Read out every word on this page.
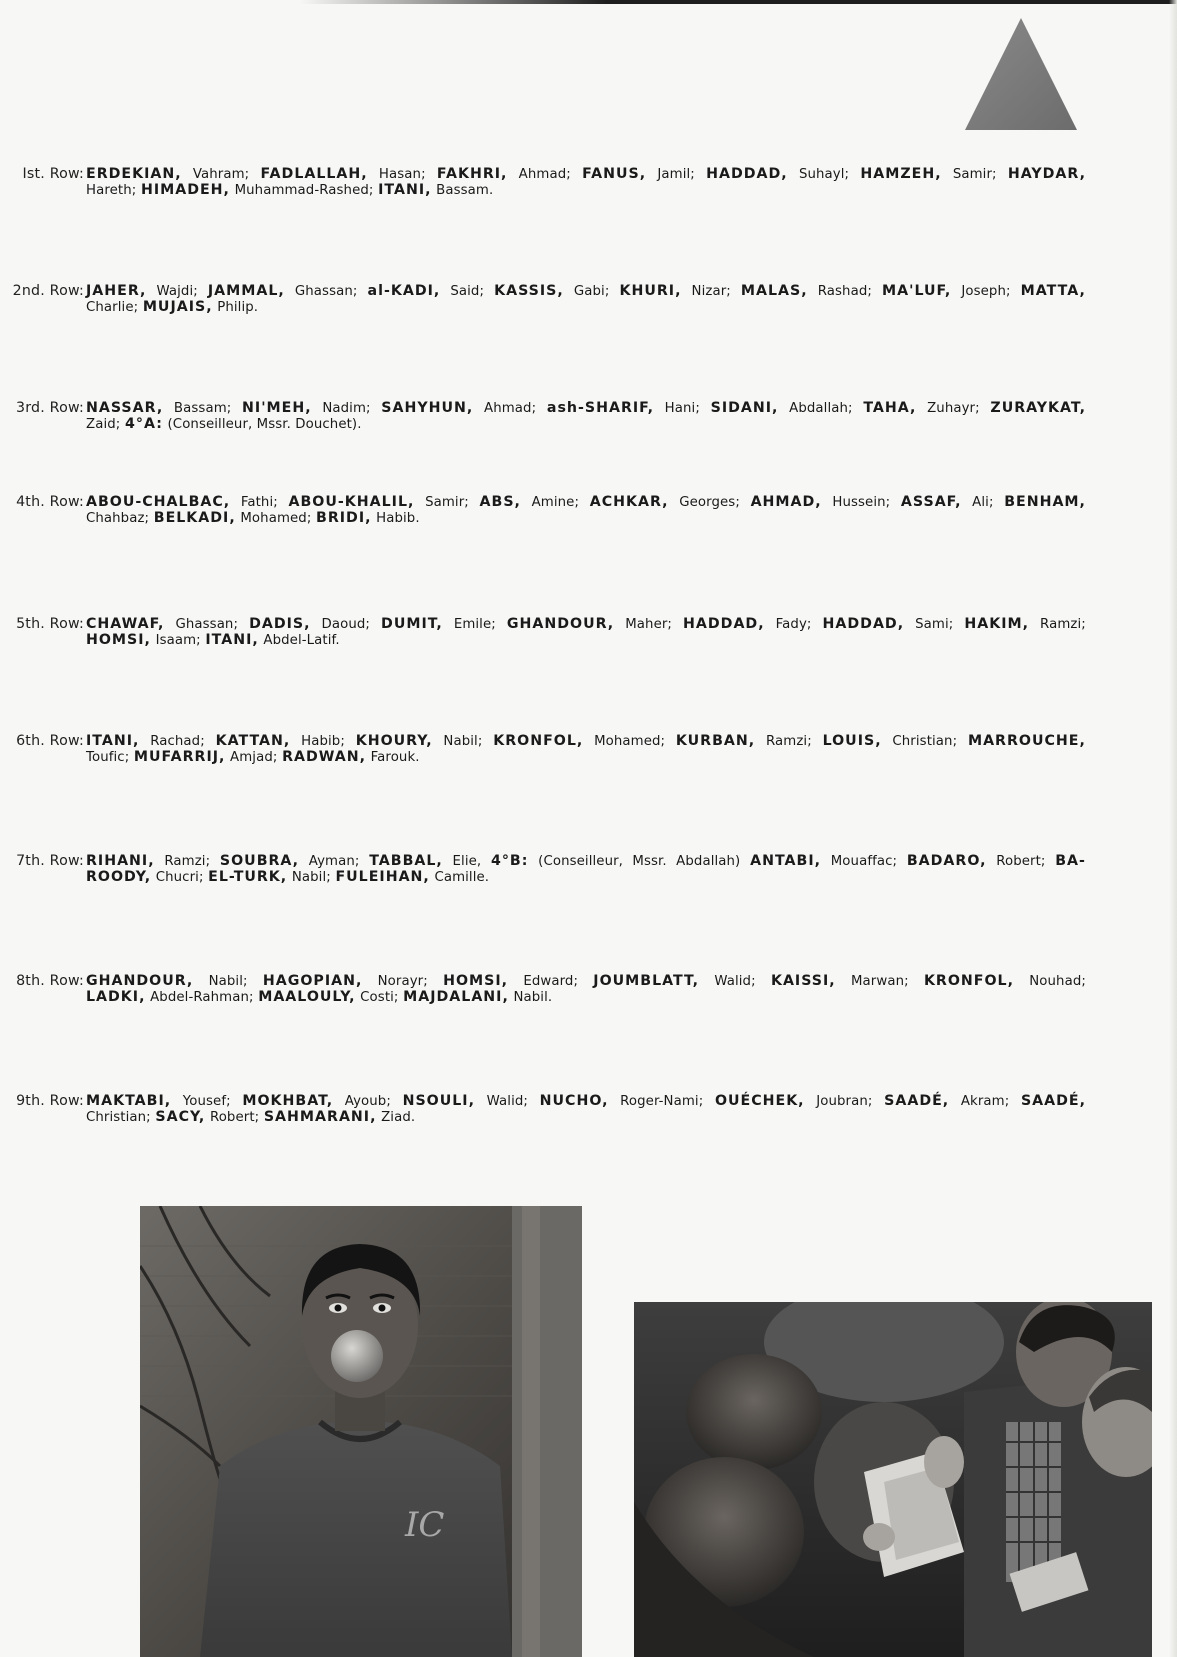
Ist. Row: ERDEKIAN, Vahram; FADLALLAH, Hasan; FAKHRI, Ahmad; FANUS, Jamil; HADDAD, Suhayl; HAMZEH, Samir; HAYDAR,
Hareth; HIMADEH, Muhammad-Rashed; ITANI, Bassam.
2nd. Row: JAHER, Wajdi; JAMMAL, Ghassan; al-KADI, Said; KASSIS, Gabi; KHURI, Nizar; MALAS, Rashad; MA'LUF, Joseph; MATTA,
Charlie; MUJAIS, Philip.
3rd. Row: NASSAR, Bassam; NI'MEH, Nadim; SAHYHUN, Ahmad; ash-SHARIF, Hani; SIDANI, Abdallah; TAHA, Zuhayr; ZURAYKAT,
Zaid; 4°A: (Conseilleur, Mssr. Douchet).
4th. Row: ABOU-CHALBAC, Fathi; ABOU-KHALIL, Samir; ABS, Amine; ACHKAR, Georges; AHMAD, Hussein; ASSAF, Ali; BENHAM,
Chahbaz; BELKADI, Mohamed; BRIDI, Habib.
5th. Row: CHAWAF, Ghassan; DADIS, Daoud; DUMIT, Emile; GHANDOUR, Maher; HADDAD, Fady; HADDAD, Sami; HAKIM, Ramzi;
HOMSI, Isaam; ITANI, Abdel-Latif.
6th. Row: ITANI, Rachad; KATTAN, Habib; KHOURY, Nabil; KRONFOL, Mohamed; KURBAN, Ramzi; LOUIS, Christian; MARROUCHE,
Toufic; MUFARRIJ, Amjad; RADWAN, Farouk.
7th. Row: RIHANI, Ramzi; SOUBRA, Ayman; TABBAL, Elie, 4°B: (Conseilleur, Mssr. Abdallah) ANTABI, Mouaffac; BADARO, Robert; BA-
ROODY, Chucri; EL-TURK, Nabil; FULEIHAN, Camille.
8th. Row: GHANDOUR, Nabil; HAGOPIAN, Norayr; HOMSI, Edward; JOUMBLATT, Walid; KAISSI, Marwan; KRONFOL, Nouhad;
LADKI, Abdel-Rahman; MAALOULY, Costi; MAJDALANI, Nabil.
9th. Row: MAKTABI, Yousef; MOKHBAT, Ayoub; NSOULI, Walid; NUCHO, Roger-Nami; OUÉCHEK, Joubran; SAADÉ, Akram; SAADÉ,
Christian; SACY, Robert; SAHMARANI, Ziad.
IC
